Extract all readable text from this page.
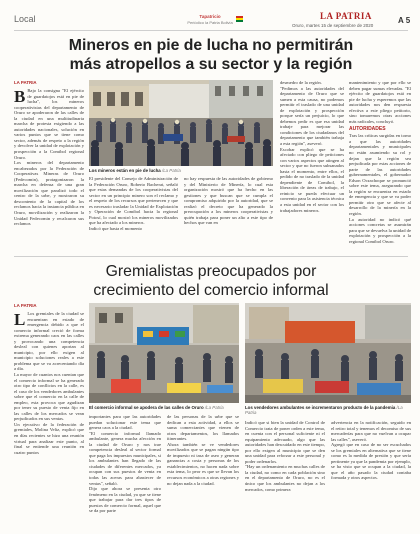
Local	Tapatricio
Periódico la Patria Bolivia
LA PATRIA
Oruro, martes 15 de septiembre de 2020
A 5
Mineros en pie de lucha no permitirán
más atropellos a su sector y la región
LA PATRIA
B Bajo la consigna "El ejército de guardatojos está en pie de lucha", los mineros cooperativistas del departamento de Oruro se apoderaron de las calles de la ciudad en una multitudinaria marcha de protesta exigiendo a las autoridades nacionales, solución en varios puntos que se tiene como sector, además de respeto a la región y devolver la unidad de explotación y prospección a la Comibol regional Oruro.
Los mineros del departamento encabezados por la Federación de Cooperativas Mineras de Oruro (Fedecomin), protagonizaron la marcha en defensa de una gran movilización que paralizó todo el centro de la urbe, y mostraron su descontento de la capital de los reclamos hacia la instancia pública en Oruro, movilización y realizaron la Unidad Fedecomin y recalcaron sus reclamos
Los mineros están en pie de lucha /La Patria
El presidente del Consejo de Administración de la Federación Oruro, Roberto Bacherat, señaló que estas demandas de los cooperativistas del sector en un principio minero son el reclamo y el respeto de los recursos que pertenecen y que es necesario trasladar la Unidad de Explotación y Operación de Comibol hacia la regional Potosí, lo cual mostró los mineros movilizados que ha afectado a los mineros.
Indicó que hasta el momento
no hay respuesta de las autoridades de gobierno y del Ministerio de Minería, lo cual esta organización mostró que ha hecho en las gestiones y que buscan que se cumpla el compromiso adquirido por la autoridad, que se realizó el decreto que ha generado la preocupación a los mineros cooperativistas y quién trabaja para poner un alto a este tipo de hechos que van en
desmedro de la región.
"Pedimos a las autoridades del departamento de Oruro que se sumen a esta causa, no podemos permitir el traslado de una unidad de explotación y prospección porque sería un perjuicio, lo que debemos pedir es que esa unidad trabaje para mejorar las condiciones de los ciudadanos del departamento que también trabaja a esta región", aseveró.
Escobar explicó que se ha afectado con pliego de peticiones con varios aspectos que atingen al sector y que no fueron subsanados hasta el momento, entre ellos, el pedido de no traslado de la unidad dependiente de Comibol, la liberación de áreas de trabajo, el reinicio se pueda efectuar un convenio para la asistencia técnica a esta unidad en el sector con los trabajadores mineros.

mantenimiento y que por ello se deben pagar sumas elevadas. "El ejército de guardatojos está en pie de lucha y esperemos que las autoridades nos den respuesta efectiva a este pliego petitorio, sino tomaremos otras acciones más radicales, concluyó.

AUTORIDADES

Tras las críticas surgidas en torno a que las autoridades departamentales y municipales no están asumiendo su rol y dejan que la región sea perjudicada por estas acciones de parte de las autoridades gubernamentales, el gobernador Edson Oczachoque se pronunció sobre este tema, asegurando que la región se encuentra en estado de emergencia y que se va poder permitir otro que se afecte al desarrollo de la minería en la región.
La autoridad no indicó qué acciones concretas se asumirán para que se devuelva la unidad de explotación y prospección a la regional Comibol Oruro.

Gremialistas preocupados por
crecimiento del comercio informal
LA PATRIA
L Los gremiales de la ciudad se encuentran en estado de emergencia debido a que el comercio informal creció de forma extrema generando caos en las calles y provocando una competencia desleal con quienes aportan al municipio, por ello exigen al municipio soluciones reales a este problema que se va acrecentando día a día.
La mayor de cuantos nos cuentan que el comercio informal se ha generado otro tipo de conflictos en la calle, es el caso de los vendedores ambulantes sobre que el comercio en la calle de empleo, esta provoca que agudizan por tener su puesto de venta fijo en las calles de los mercados se vean perjudicados en sus ventas.
Un ejecutivo de la federación de gremiales, Molina Veliz, explicó que en días recientes se hizo una reunión virtual para analizar este punto, al final se entiende una reunión en cuatro puntos
El comercio informal se apodera de las calles de Oruro /La Patria
importantes para que las autoridades puedan solucionar este tema que genera caos a la ciudad.
"El comercio informal llamado ambulante, genera mucha afección en la ciudad de Oruro y nos trae competencia desleal al sector formal que paga los impuestos municipales, si los ambulantes han llegado de las ciudades de diferentes mercados, ya ocupan con sus puestos de venta en todas las aceras para abastecer de ventas", señaló.
Dijo que ahora se presenta otro fenómeno en la ciudad, ya que se tiene que trabajar para dar tres tipos de puestos de comercio formal, aquel que se da por parte
de las personas de la urbe que se dedican a esta actividad, a ellos se suma comerciantes que vienen de otros departamentos, los llamados itinerantes.
Ahora también se ve vendedores movilizados que se pagan ningún tipo de impuesto ni tasa de aseo y generan ganancias a costa y personas de los establecimientos, no hacen nada sobre esta tema, lo peor es que se llevan los recursos económicos a otras regiones y no dejan nada a la ciudad.
Los vendedores ambulantes se incrementaron producto de la pandemia /La Patria
Indicó que si bien la unidad de Control de Comercio trata de poner orden a este tema, en cuenta con el personal suficiente ni el equipamiento adecuado, algo que las autoridades han descuidado en este tiempo, por ello exigen al municipio que se den una unidad para reforzar a este personal y poder ordenarlos.
"Hay un ordenamiento en muchas calles de la ciudad, no como en cada población sino en el departamento de Oruro, no es el único que los ambulantes no dejan a los mercados, como primera
advertencia en la notificación, seguido en el retiro total y tenemos el decomiso de sus mercaderías para que no vuelvan a ocupar las calles", aseveró.
Agregó que en caso de no ser escuchados se los gremiales en alternativa que se tiene como es la medida de presión y que sería pertinente ya que la pandemia por ejemplo, se ha visto que se ocupan a la ciudad, la que el año pasado la ciudad contaba formada y otros aspectos.
